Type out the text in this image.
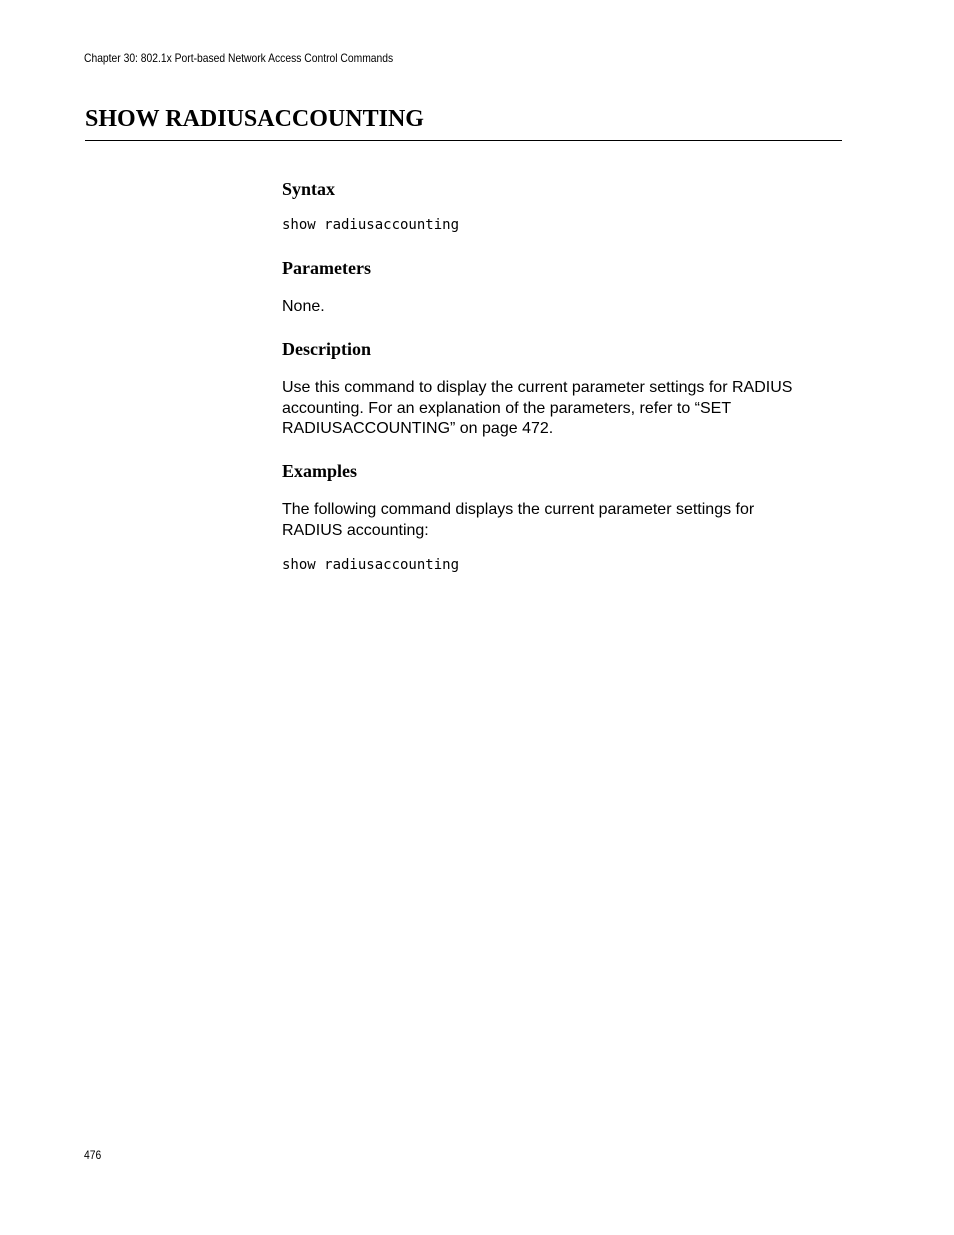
Chapter 30: 802.1x Port-based Network Access Control Commands
SHOW RADIUSACCOUNTING
Syntax
show radiusaccounting
Parameters

None.

Description

Use this command to display the current parameter settings for RADIUS
accounting. For an explanation of the parameters, refer to “SET
RADIUSACCOUNTING” on page 472.

Examples

The following command displays the current parameter settings for
RADIUS accounting:

show radiusaccounting
476
